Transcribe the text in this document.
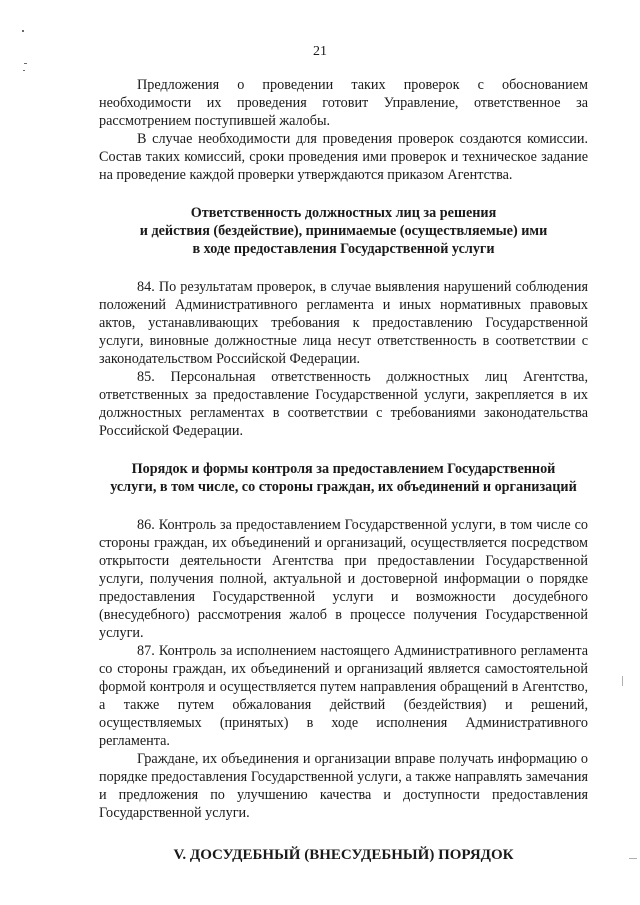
21

Предложения о проведении таких проверок с обоснованием необходимости их проведения готовит Управление, ответственное за рассмотрением поступившей жалобы.

В случае необходимости для проведения проверок создаются комиссии. Состав таких комиссий, сроки проведения ими проверок и техническое задание на проведение каждой проверки утверждаются приказом Агентства.

Ответственность должностных лиц за решения
и действия (бездействие), принимаемые (осуществляемые) ими
в ходе предоставления Государственной услуги

84. По результатам проверок, в случае выявления нарушений соблюдения положений Административного регламента и иных нормативных правовых актов, устанавливающих требования к предоставлению Государственной услуги, виновные должностные лица несут ответственность в соответствии с законодательством Российской Федерации.

85. Персональная ответственность должностных лиц Агентства, ответственных за предоставление Государственной услуги, закрепляется в их должностных регламентах в соответствии с требованиями законодательства Российской Федерации.

Порядок и формы контроля за предоставлением Государственной
услуги, в том числе, со стороны граждан, их объединений и организаций

86. Контроль за предоставлением Государственной услуги, в том числе со стороны граждан, их объединений и организаций, осуществляется посредством открытости деятельности Агентства при предоставлении Государственной услуги, получения полной, актуальной и достоверной информации о порядке предоставления Государственной услуги и возможности досудебного (внесудебного) рассмотрения жалоб в процессе получения Государственной услуги.

87. Контроль за исполнением настоящего Административного регламента со стороны граждан, их объединений и организаций является самостоятельной формой контроля и осуществляется путем направления обращений в Агентство, а также путем обжалования действий (бездействия) и решений, осуществляемых (принятых) в ходе исполнения Административного регламента.

Граждане, их объединения и организации вправе получать информацию о порядке предоставления Государственной услуги, а также направлять замечания и предложения по улучшению качества и доступности предоставления Государственной услуги.

V. ДОСУДЕБНЫЙ (ВНЕСУДЕБНЫЙ) ПОРЯДОК
